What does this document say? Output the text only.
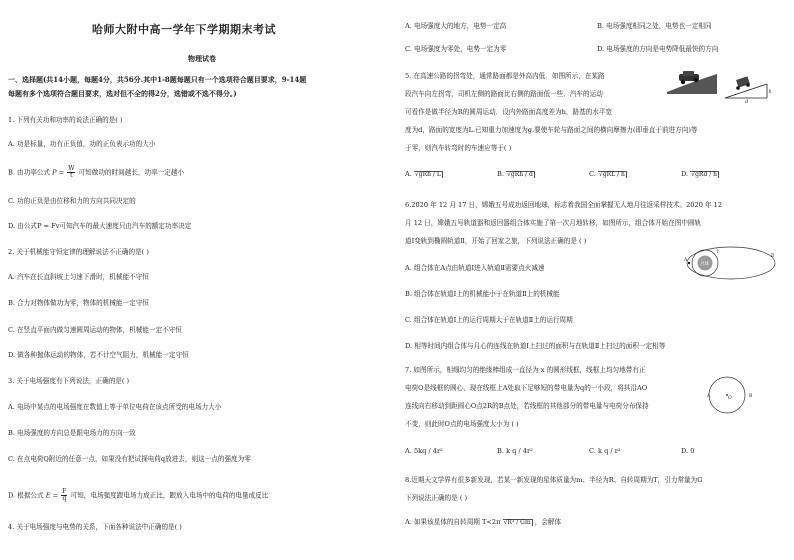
哈师大附中高一学年下学期期末考试
物理试卷
一、选择题(共14小题，每题4分，共56分.其中1-8题每题只有一个选项符合题目要求，9-14题
每题有多个选项符合题目要求，选对但不全的得2分，选错或不选不得分。)
1. 下列有关功和功率的说法正确的是( )
A. 功是标量，功有正负值，功的正负表示功的大小
B. 由功率公式 $P = \frac{W}{t}$ 可知做功的时间越长，功率一定越小
C. 功的正负是由位移和力的方向共同决定的
D. 由公式P = Fv可知汽车的最大速度只由汽车的额定功率决定
2. 关于机械能守恒定律的理解说法不正确的是( )
A. 汽车在长直斜坡上匀速下滑时，机械能不守恒
B. 合力对物体做功为零，物体的机械能一定守恒
C. 在竖直平面内做匀速圆周运动的物体，机械能一定不守恒
D. 做各种抛体运动的物体，若不计空气阻力，机械能一定守恒
3. 关于电场强度有下列说法，正确的是( )
A. 电场中某点的电场强度在数值上等于单位电荷在该点所受的电场力大小
B. 电场强度的方向总是跟电场力的方向一致
C. 在点电荷Q附近的任意一点，如果没有把试探电荷q放进去，则这一点的强度为零
D. 根据公式 $E = \frac{F}{q}$ 可知，电场强度跟电场力成正比，跟放入电场中的电荷的电量成反比
4. 关于电场强度与电势的关系，下面各种说法中正确的是( )
A. 电场强度大的地方，电势一定高	B. 电场强度相同之处，电势也一定相同
C. 电场强度为零处，电势一定为零	D. 电场强度的方向是电势降低最快的方向
5. 在高速公路的拐弯处，通常路面都是外高内低．如图所示，在某路
段汽车向左拐弯，司机左侧的路面比右侧的路面低一些．汽车的运动
可看作是做半径为R的圆周运动．设内外路面高度差为h，路基的水平宽
度为d，路面的宽度为L.已知重力加速度为g.要使车轮与路面之间的横向摩擦力(即垂直于前进方向)等
于零，则汽车转弯时的车速应等于( )
d
h
A. √gRh / L	B. √gRh / d	C. √gRL / h	D. √gRd / h
6.2020 年 12 月 17 日，嫦娥五号成功返回地球，标志着我国全面掌握无人地月往返采样技术。2020 年 12
月 12 日，嫦娥五号轨道器和返回器组合体实施了第一次月地转移，如图所示，组合体开始在图中圆轨
道Ⅰ变轨到椭圆轨道Ⅱ，开始了回家之旅，下列说法正确的是 ( )
月球
A
Ⅰ
Ⅱ
A. 组合体在A点由轨道Ⅰ进入轨道Ⅱ需要点火减速
B. 组合体在轨道Ⅰ上的机械能小于在轨道Ⅱ上的机械能
C. 组合体在轨道Ⅰ上的运行周期大于在轨道Ⅱ上的运行周期
D. 相等时间内组合体与月心的连线在轨道Ⅰ上扫过的面积与在轨道Ⅱ上扫过的面积一定相等
7. 如图所示，相细均匀的绝缘棒组成一直径为 x 的圆形线框，线框上均匀地带有正
电荷O是线框的圆心，现在线框上A处取下足够短的带电量为q的一小段，将其沿AO
连线向右移动到距圆心O点2R的B点处，若线框的其他部分的带电量与电荷分布保持
不变，则此时O点的电场强度大小为 ( )
A	O	B
A. 5kq / 4r²	B. k q / 4r²	C. k q / r²	D. 0
8.近期天文学界有很多新发现，若某一新发现的星体质量为m、半径为R、自转周期为T，引力常量为G
下列说法正确的是 ( )
A. 如果该星体的自转周期 T<2π √R³ / Gm ，会解体
